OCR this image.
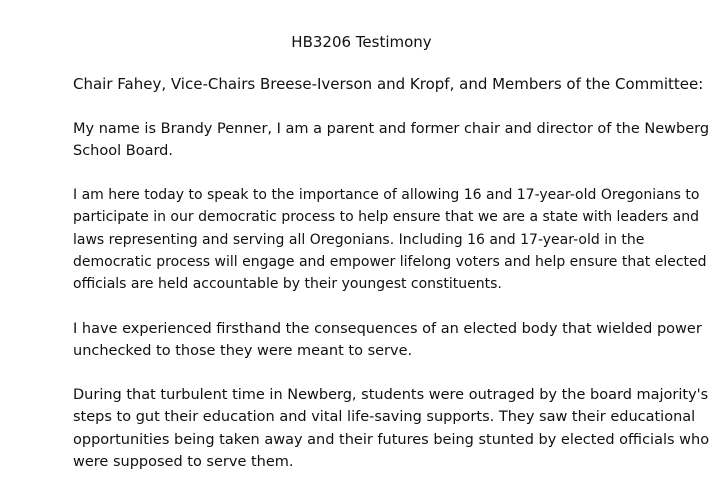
HB3206 Testimony
Chair Fahey, Vice-Chairs Breese-Iverson and Kropf, and Members of the Committee:
My name is Brandy Penner, I am a parent and former chair and director of the Newberg
School Board.
I am here today to speak to the importance of allowing 16 and 17-year-old Oregonians to
participate in our democratic process to help ensure that we are a state with leaders and
laws representing and serving all Oregonians. Including 16 and 17-year-old in the
democratic process will engage and empower lifelong voters and help ensure that elected
officials are held accountable by their youngest constituents.
I have experienced firsthand the consequences of an elected body that wielded power
unchecked to those they were meant to serve.
During that turbulent time in Newberg, students were outraged by the board majority's
steps to gut their education and vital life-saving supports. They saw their educational
opportunities being taken away and their futures being stunted by elected officials who
were supposed to serve them.
